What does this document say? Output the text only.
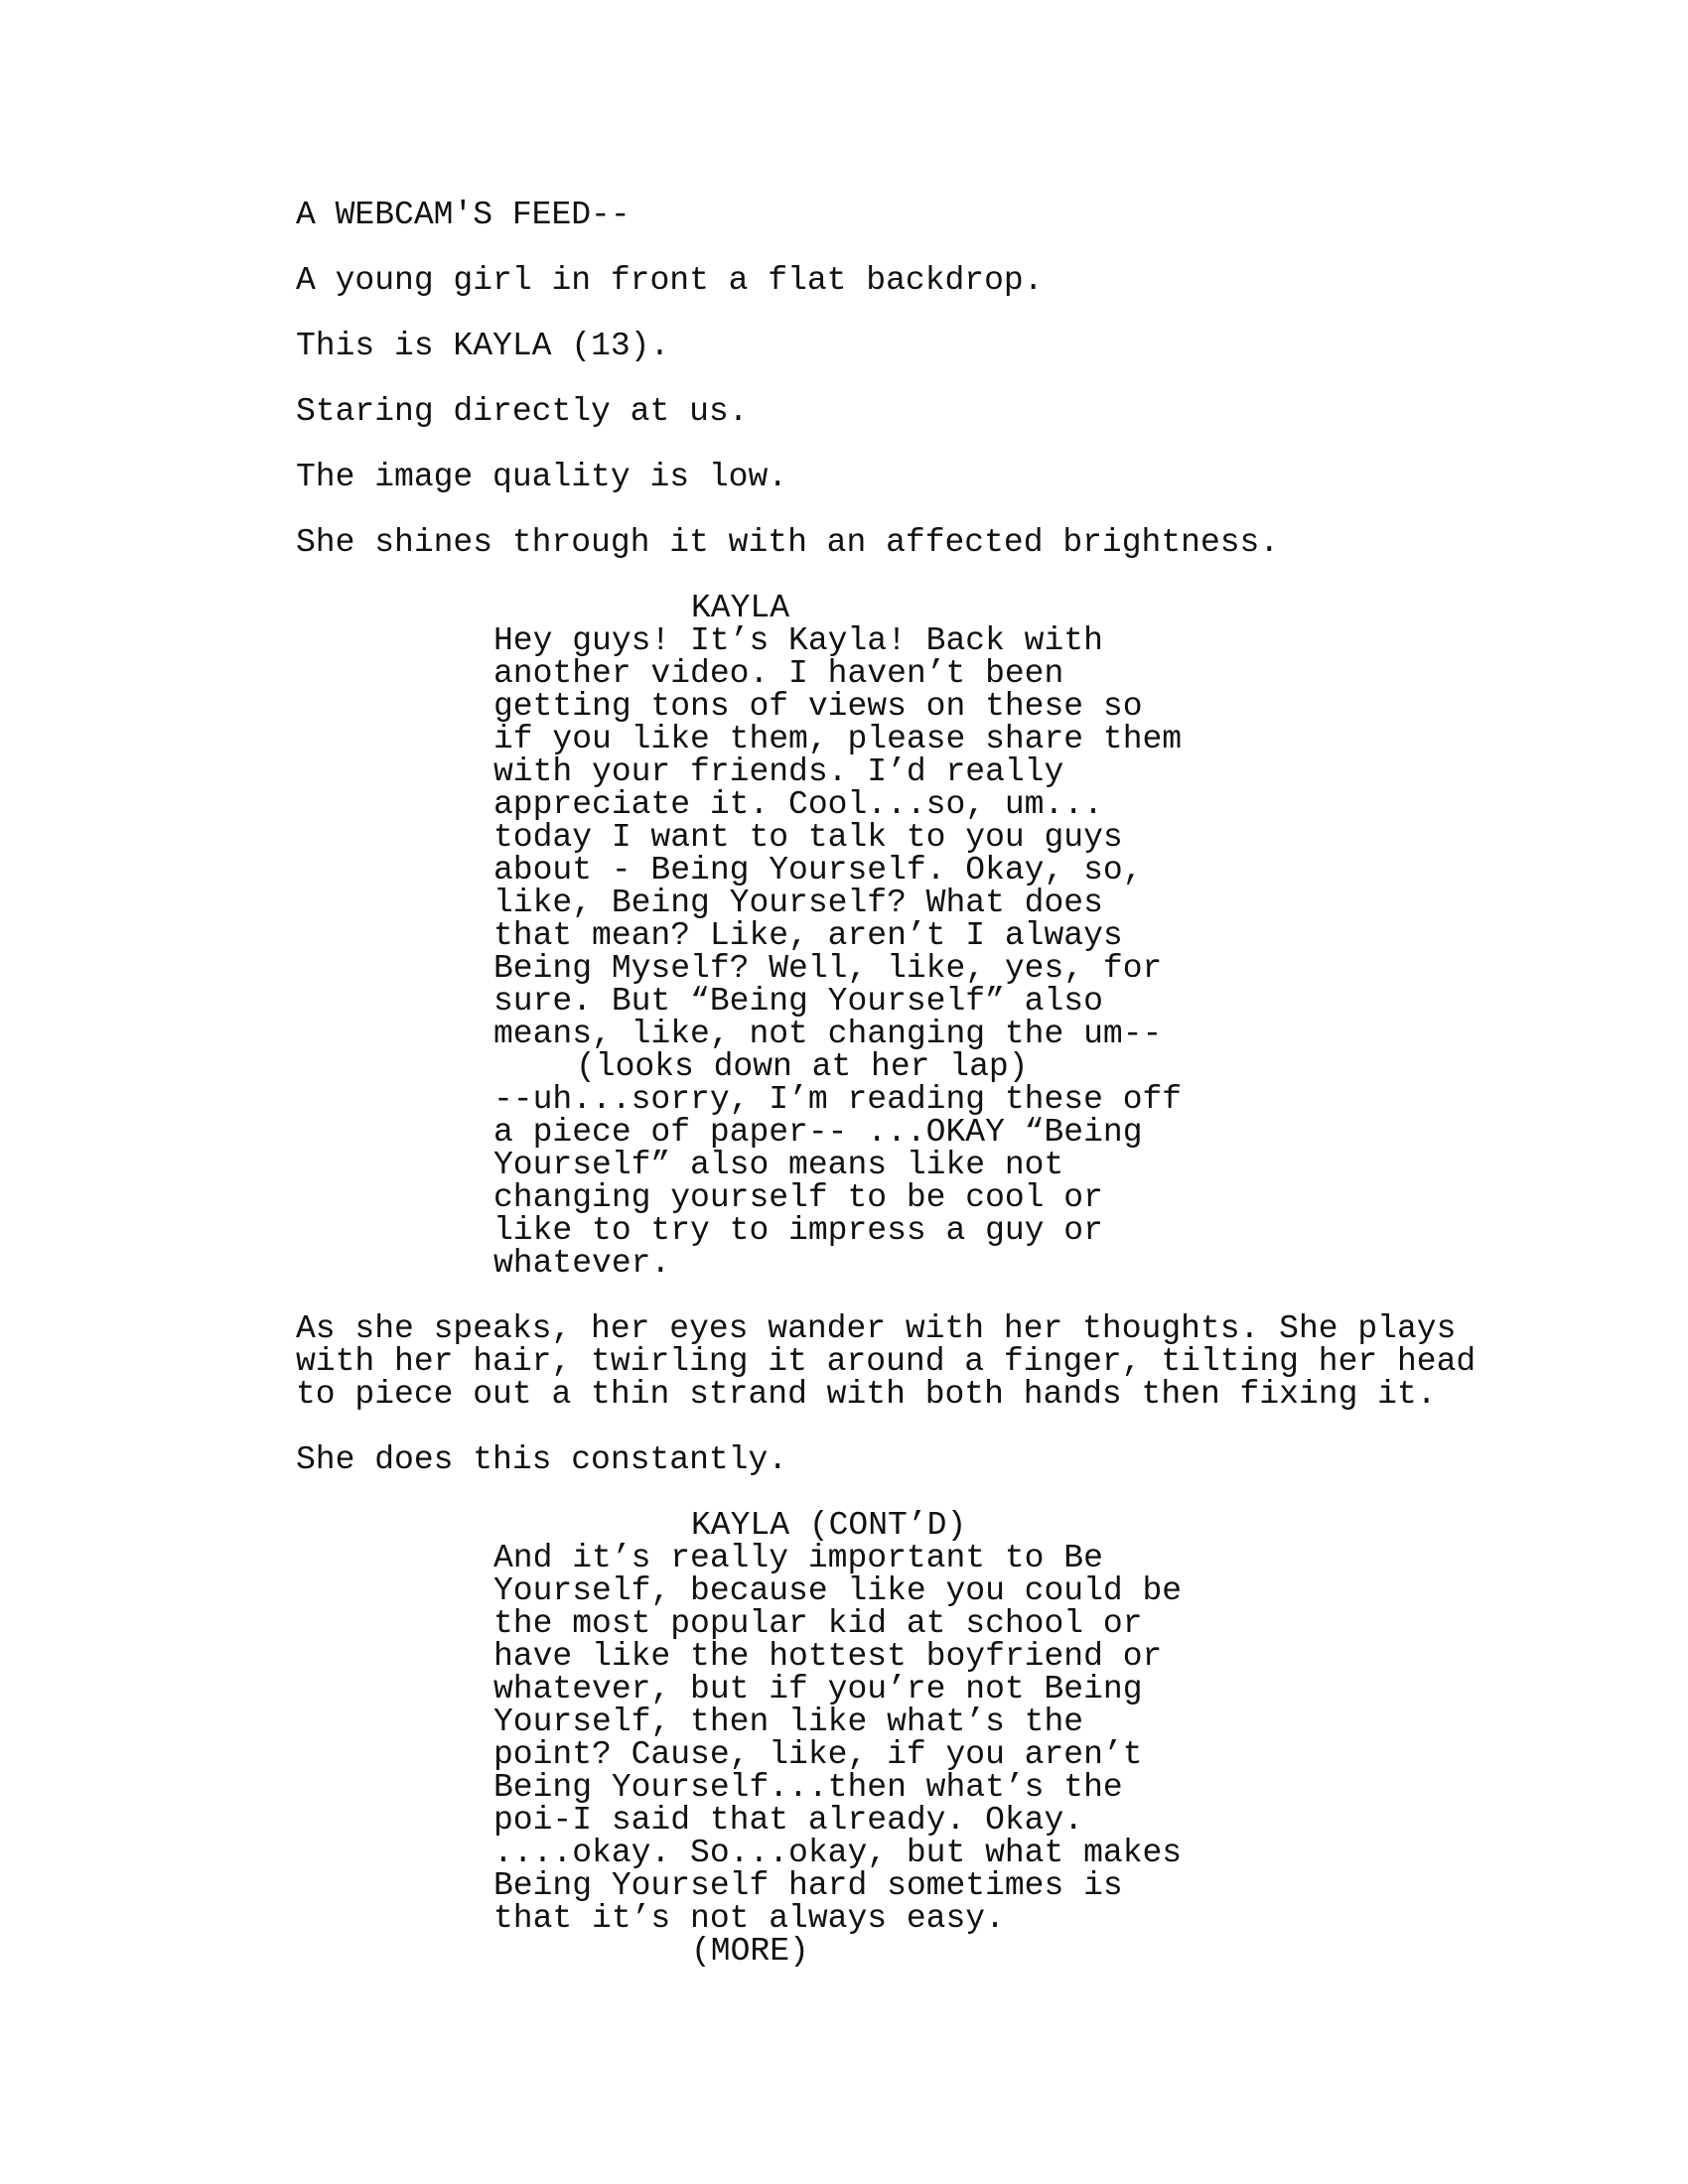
A WEBCAM'S FEED--

A young girl in front a flat backdrop.

This is KAYLA (13).

Staring directly at us.

The image quality is low.

She shines through it with an affected brightness.

KAYLA

Hey guys! It’s Kayla! Back with

another video. I haven’t been

getting tons of views on these so

if you like them, please share them

with your friends. I’d really

appreciate it. Cool...so, um...

today I want to talk to you guys

about - Being Yourself. Okay, so,

like, Being Yourself? What does

that mean? Like, aren’t I always

Being Myself? Well, like, yes, for

sure. But “Being Yourself” also

means, like, not changing the um--

(looks down at her lap)

--uh...sorry, I’m reading these off

a piece of paper-- ...OKAY “Being

Yourself” also means like not

changing yourself to be cool or

like to try to impress a guy or

whatever.

As she speaks, her eyes wander with her thoughts. She plays

with her hair, twirling it around a finger, tilting her head

to piece out a thin strand with both hands then fixing it.

She does this constantly.

KAYLA (CONT’D)

And it’s really important to Be

Yourself, because like you could be

the most popular kid at school or

have like the hottest boyfriend or

whatever, but if you’re not Being

Yourself, then like what’s the

point? Cause, like, if you aren’t

Being Yourself...then what’s the

poi-I said that already. Okay.

....okay. So...okay, but what makes

Being Yourself hard sometimes is

that it’s not always easy.

(MORE)
